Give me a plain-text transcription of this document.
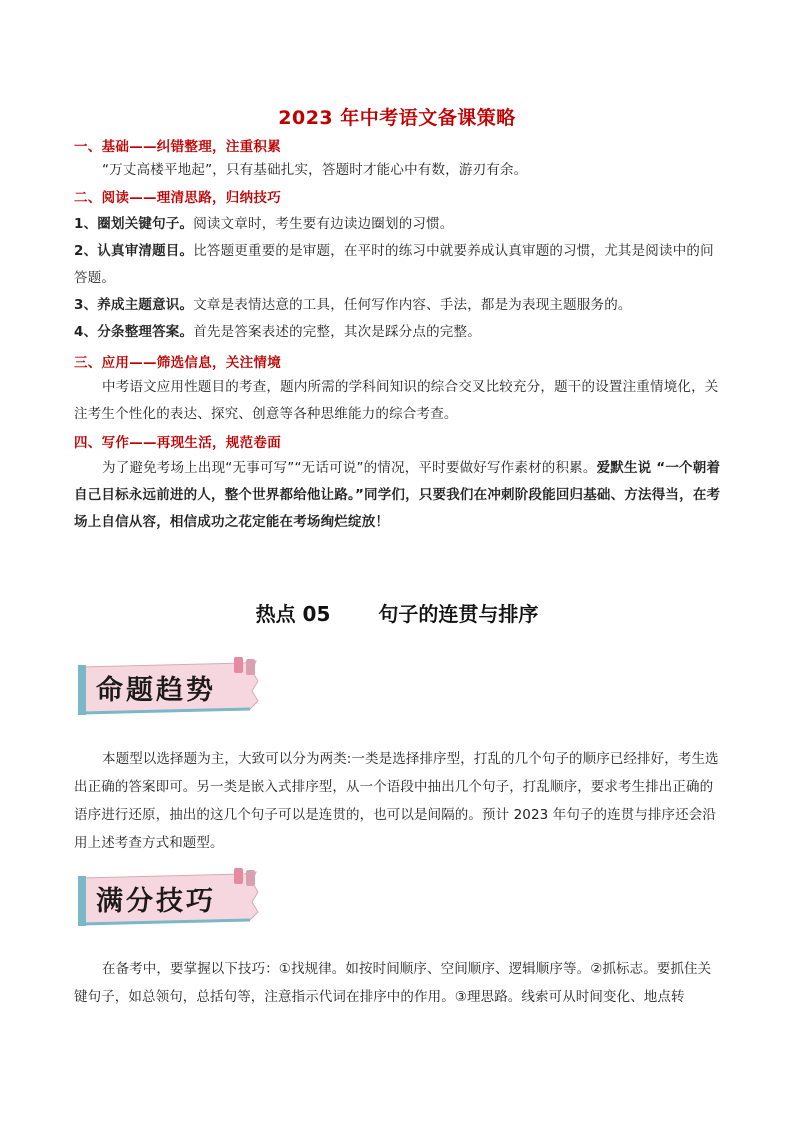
2023 年中考语文备课策略
一、基础——纠错整理，注重积累
“万丈高楼平地起”，只有基础扎实，答题时才能心中有数，游刃有余。
二、阅读——理清思路，归纳技巧
1、圈划关键句子。阅读文章时，考生要有边读边圈划的习惯。
2、认真审清题目。比答题更重要的是审题，在平时的练习中就要养成认真审题的习惯，尤其是阅读中的问答题。
3、养成主题意识。文章是表情达意的工具，任何写作内容、手法，都是为表现主题服务的。
4、分条整理答案。首先是答案表述的完整，其次是踩分点的完整。
三、应用——筛选信息，关注情境
中考语文应用性题目的考查，题内所需的学科间知识的综合交叉比较充分，题干的设置注重情境化，关注考生个性化的表达、探究、创意等各种思维能力的综合考查。
四、写作——再现生活，规范卷面
为了避免考场上出现“无事可写”“无话可说”的情况，平时要做好写作素材的积累。爱默生说 “一个朝着自己目标永远前进的人，整个世界都给他让路。”同学们，只要我们在冲刺阶段能回归基础、方法得当，在考场上自信从容，相信成功之花定能在考场绚烂绽放！
热点 05 句子的连贯与排序
命题趋势
本题型以选择题为主，大致可以分为两类:一类是选择排序型，打乱的几个句子的顺序已经排好，考生选出正确的答案即可。另一类是嵌入式排序型，从一个语段中抽出几个句子，打乱顺序，要求考生排出正确的语序进行还原，抽出的这几个句子可以是连贯的，也可以是间隔的。预计 2023 年句子的连贯与排序还会沿用上述考查方式和题型。
满分技巧
在备考中，要掌握以下技巧：①找规律。如按时间顺序、空间顺序、逻辑顺序等。②抓标志。要抓住关键句子，如总领句，总括句等，注意指示代词在排序中的作用。③理思路。线索可从时间变化、地点转
